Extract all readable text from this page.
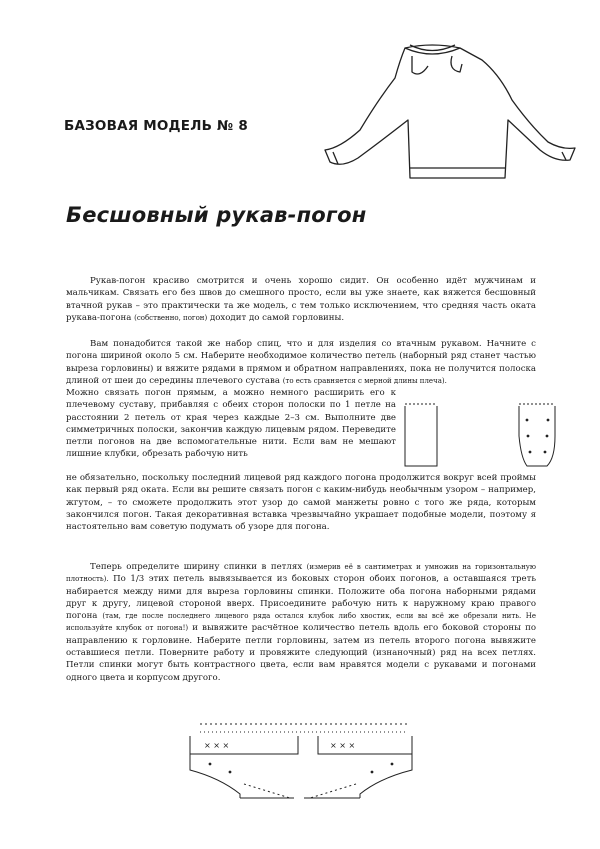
БАЗОВАЯ МОДЕЛЬ № 8
Бесшовный рукав-погон
Рукав-погон красиво смотрится и очень хорошо сидит. Он особенно идёт мужчинам и мальчикам. Связать его без швов до смешного просто, если вы уже знаете, как вяжется бесшовный втачной рукав – это практически та же модель, с тем только исключением, что средняя часть оката рукава-погона (собственно, погон) доходит до самой горловины.
Вам понадобится такой же набор спиц, что и для изделия со втачным рукавом. Начните с погона шириной около 5 см. Наберите необходимое количество петель (наборный ряд станет частью выреза горловины) и вяжите рядами в прямом и обратном направлениях, пока не получится полоска длиной от шеи до середины плечевого сустава (то есть сравняется с мерной длины плеча).
Можно связать погон прямым, а можно немного расширить его к плечевому суставу, прибавляя с обеих сторон полоски по 1 петле на расстоянии 2 петель от края через каждые 2–3 см. Выполните две симметричных полоски, закончив каждую лицевым рядом. Переведите петли погонов на две вспомогательные нити. Если вам не мешают лишние клубки, обрезать рабочую нить
не обязательно, поскольку последний лицевой ряд каждого погона продолжится вокруг всей проймы как первый ряд оката. Если вы решите связать погон с каким-нибудь необычным узором – например, жгутом, – то сможете продолжить этот узор до самой манжеты ровно с того же ряда, которым закончился погон. Такая декоративная вставка чрезвычайно украшает подобные модели, поэтому я настоятельно вам советую подумать об узоре для погона.
Теперь определите ширину спинки в петлях (измерив её в сантиметрах и умножив на горизонтальную плотность). По 1/3 этих петель вывязывается из боковых сторон обоих погонов, а оставшаяся треть набирается между ними для выреза горловины спинки. Положите оба погона наборными рядами друг к другу, лицевой стороной вверх. Присоедините рабочую нить к наружному краю правого погона (там, где после последнего лицевого ряда остался клубок либо хвостик, если вы всё же обрезали нить. Не используйте клубок от погона!) и вывяжите расчётное количество петель вдоль его боковой стороны по направлению к горловине. Наберите петли горловины, затем из петель второго погона вывяжите оставшиеся петли. Поверните работу и провяжите следующий (изнаночный) ряд на всех петлях. Петли спинки могут быть контрастного цвета, если вам нравятся модели с рукавами и погонами одного цвета и корпусом другого.
× × ×	× × ×
